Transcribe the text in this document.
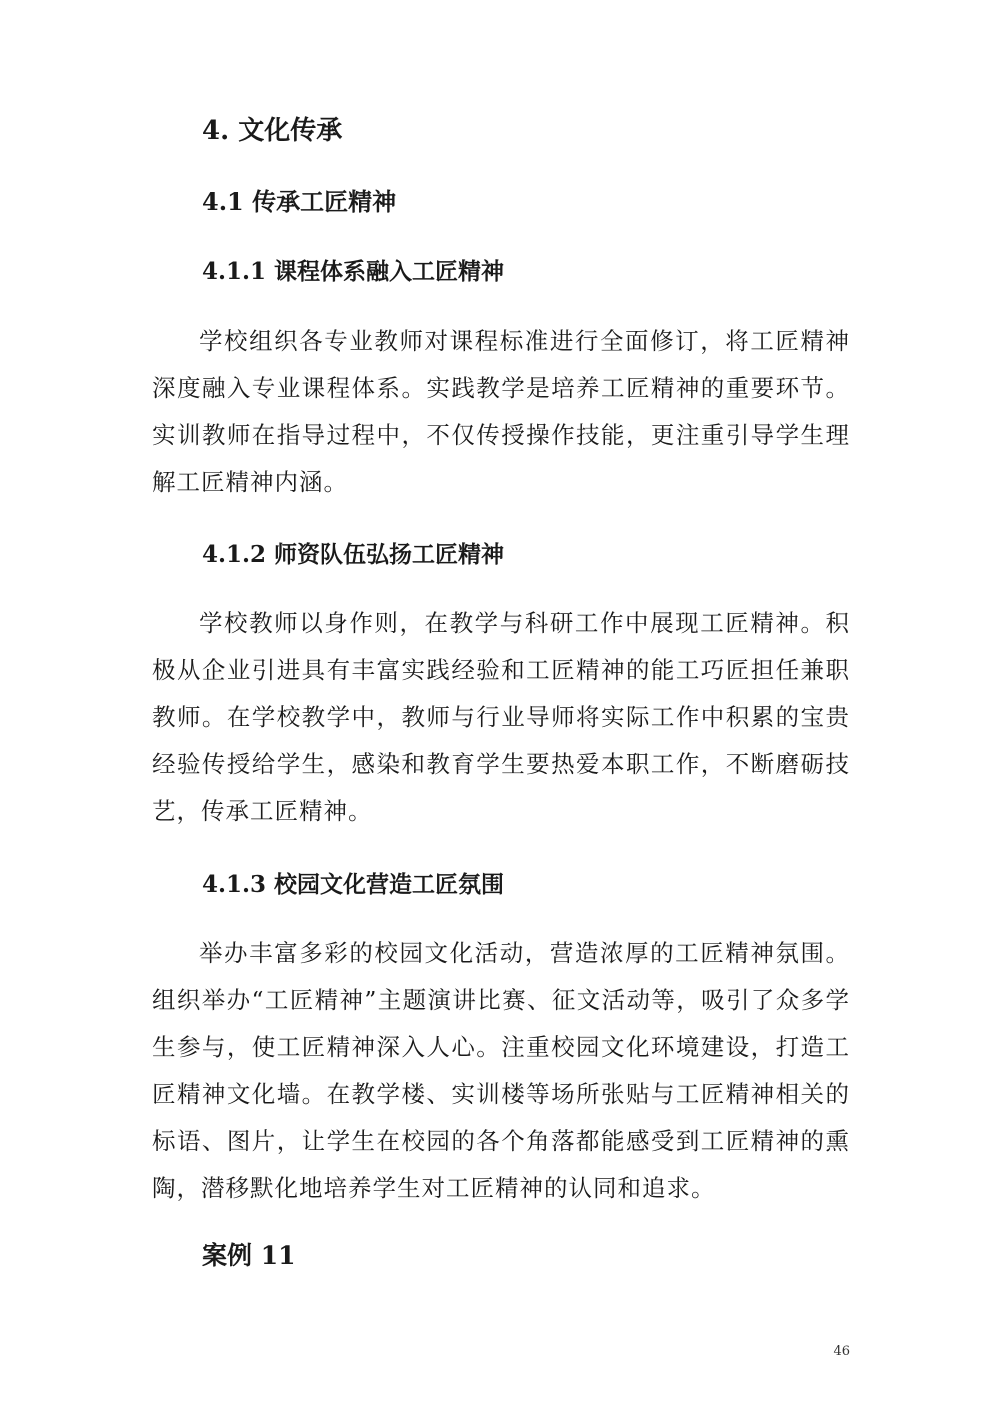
4. 文化传承
4.1 传承工匠精神
4.1.1 课程体系融入工匠精神

学校组织各专业教师对课程标准进行全面修订，将工匠精神深度融入专业课程体系。实践教学是培养工匠精神的重要环节。实训教师在指导过程中，不仅传授操作技能，更注重引导学生理解工匠精神内涵。

4.1.2 师资队伍弘扬工匠精神

学校教师以身作则，在教学与科研工作中展现工匠精神。积极从企业引进具有丰富实践经验和工匠精神的能工巧匠担任兼职教师。在学校教学中，教师与行业导师将实际工作中积累的宝贵经验传授给学生，感染和教育学生要热爱本职工作，不断磨砺技艺，传承工匠精神。

4.1.3 校园文化营造工匠氛围

举办丰富多彩的校园文化活动，营造浓厚的工匠精神氛围。组织举办“工匠精神”主题演讲比赛、征文活动等，吸引了众多学生参与，使工匠精神深入人心。注重校园文化环境建设，打造工匠精神文化墙。在教学楼、实训楼等场所张贴与工匠精神相关的标语、图片，让学生在校园的各个角落都能感受到工匠精神的熏陶，潜移默化地培养学生对工匠精神的认同和追求。

案例 11
46
